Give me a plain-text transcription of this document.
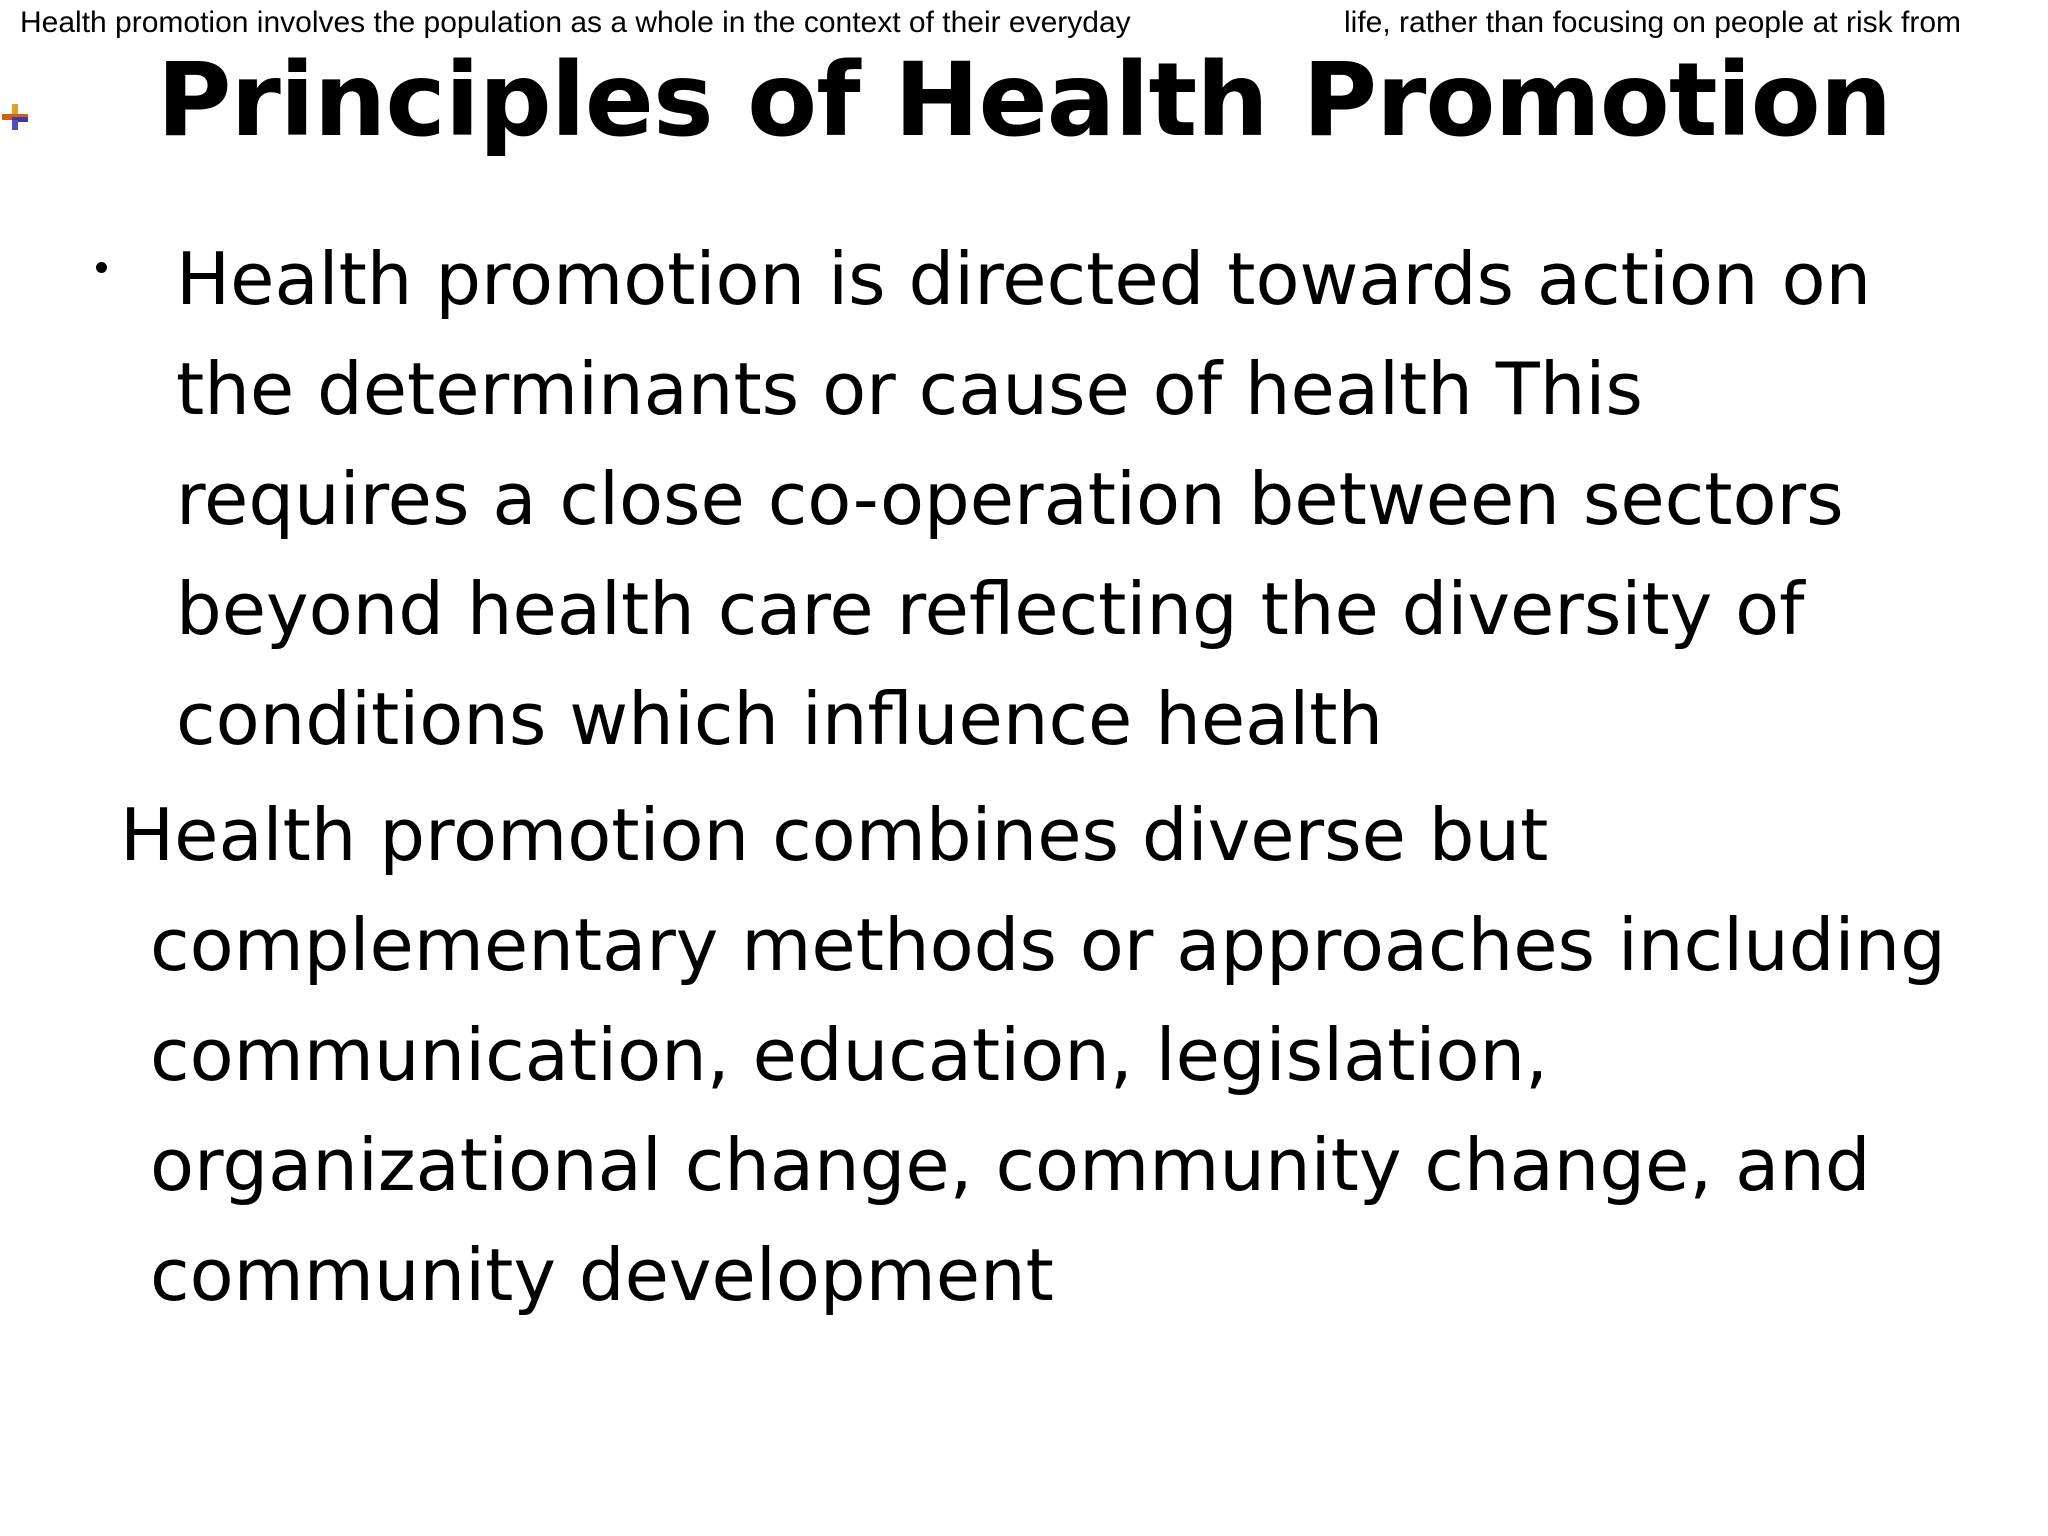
Health promotion involves the population as a whole in the context of their everyday	life, rather than focusing on people at risk from
Principles of Health Promotion
Health promotion is directed towards action on
the determinants or cause of health This
requires a close co-operation between sectors
beyond health care reflecting the diversity of
conditions which influence health
Health promotion combines diverse but
complementary methods or approaches including
communication, education, legislation,
organizational change, community change, and
community development
